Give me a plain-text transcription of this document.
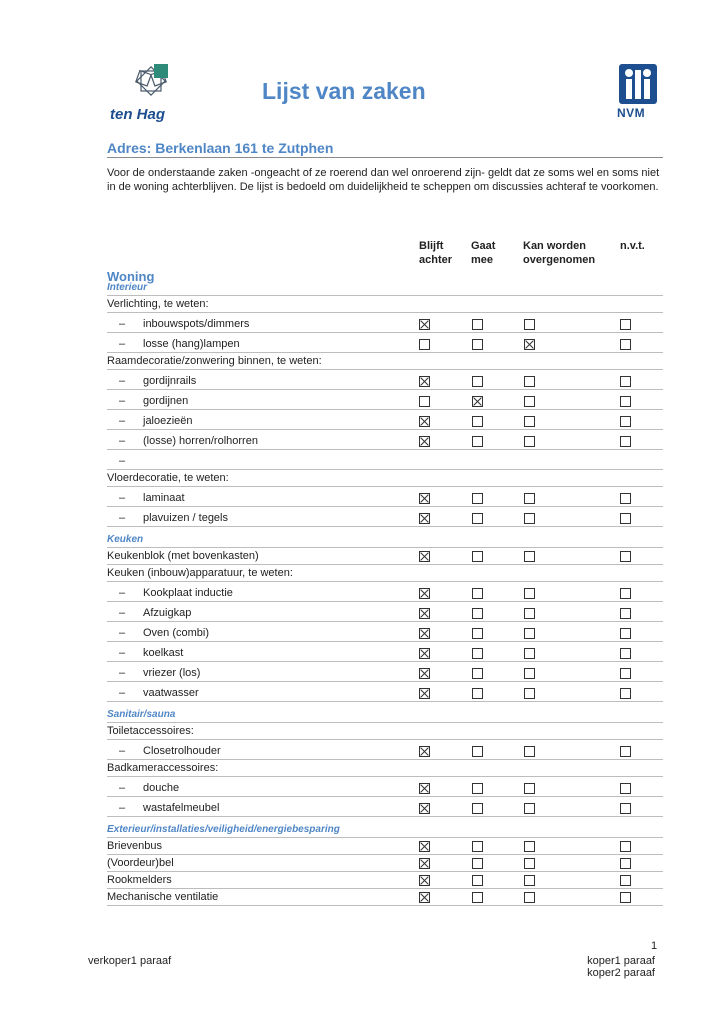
ten Hag
Lijst van zaken
NVM
Adres: Berkenlaan 161 te Zutphen
Voor de onderstaande zaken -ongeacht of ze roerend dan wel onroerend zijn- geldt dat ze soms wel en soms niet in de woning achterblijven. De lijst is bedoeld om duidelijkheid te scheppen om discussies achteraf te voorkomen.
Blijft
achter
Gaat
mee
Kan worden
overgenomen
n.v.t.
Woning
Interieur
Verlichting, te weten:
– inbouwspots/dimmers
– losse (hang)lampen
Raamdecoratie/zonwering binnen, te weten:
– gordijnrails
– gordijnen
– jaloezieën
– (losse) horren/rolhorren
–
Vloerdecoratie, te weten:
– laminaat
– plavuizen / tegels
Keuken
Keukenblok (met bovenkasten)
Keuken (inbouw)apparatuur, te weten:
– Kookplaat inductie
– Afzuigkap
– Oven (combi)
– koelkast
– vriezer (los)
– vaatwasser
Sanitair/sauna
Toiletaccessoires:
– Closetrolhouder
Badkameraccessoires:
– douche
– wastafelmeubel
Exterieur/installaties/veiligheid/energiebesparing
Brievenbus
(Voordeur)bel
Rookmelders
Mechanische ventilatie
1
verkoper1 paraaf	koper1 paraaf
koper2 paraaf
